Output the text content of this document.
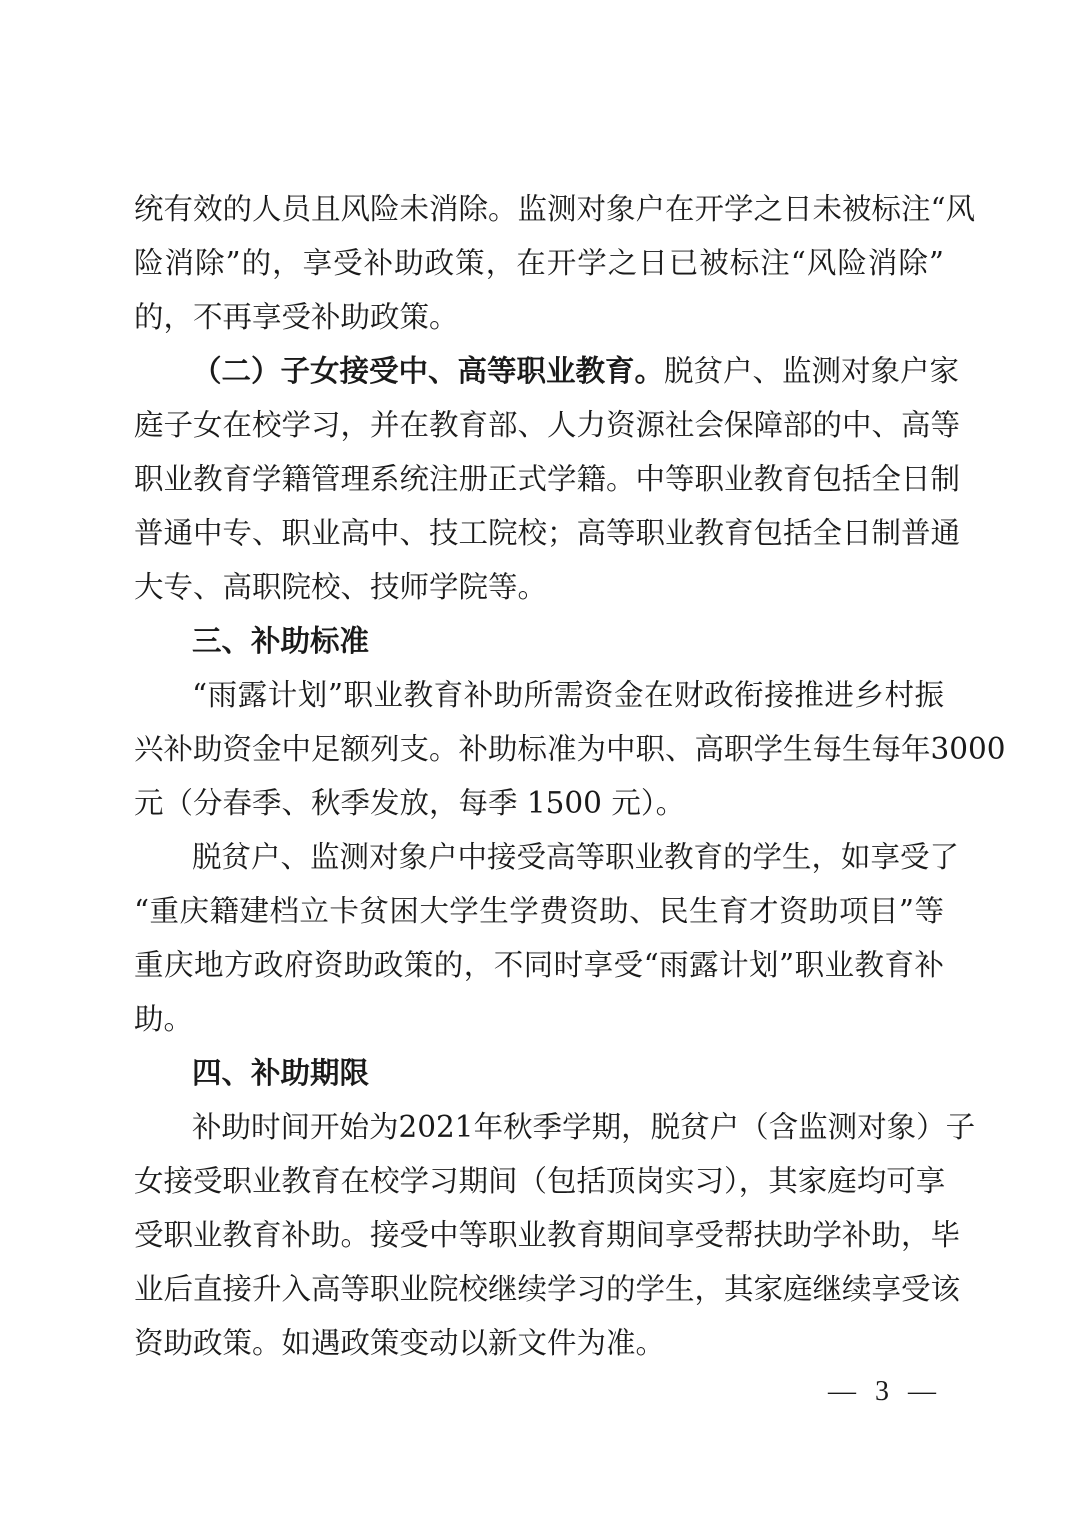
统有效的人员且风险未消除。监测对象户在开学之日未被标注“风
险消除”的，享受补助政策，在开学之日已被标注“风险消除”
的，不再享受补助政策。
（二）子女接受中、高等职业教育。脱贫户、监测对象户家
庭子女在校学习，并在教育部、人力资源社会保障部的中、高等
职业教育学籍管理系统注册正式学籍。中等职业教育包括全日制
普通中专、职业高中、技工院校；高等职业教育包括全日制普通
大专、高职院校、技师学院等。
三、补助标准
“雨露计划”职业教育补助所需资金在财政衔接推进乡村振
兴补助资金中足额列支。补助标准为中职、高职学生每生每年3000
元（分春季、秋季发放，每季 1500 元）。
脱贫户、监测对象户中接受高等职业教育的学生，如享受了
“重庆籍建档立卡贫困大学生学费资助、民生育才资助项目”等
重庆地方政府资助政策的，不同时享受“雨露计划”职业教育补
助。
四、补助期限
补助时间开始为2021年秋季学期，脱贫户（含监测对象）子
女接受职业教育在校学习期间（包括顶岗实习），其家庭均可享
受职业教育补助。接受中等职业教育期间享受帮扶助学补助，毕
业后直接升入高等职业院校继续学习的学生，其家庭继续享受该
资助政策。如遇政策变动以新文件为准。
— 3 —
